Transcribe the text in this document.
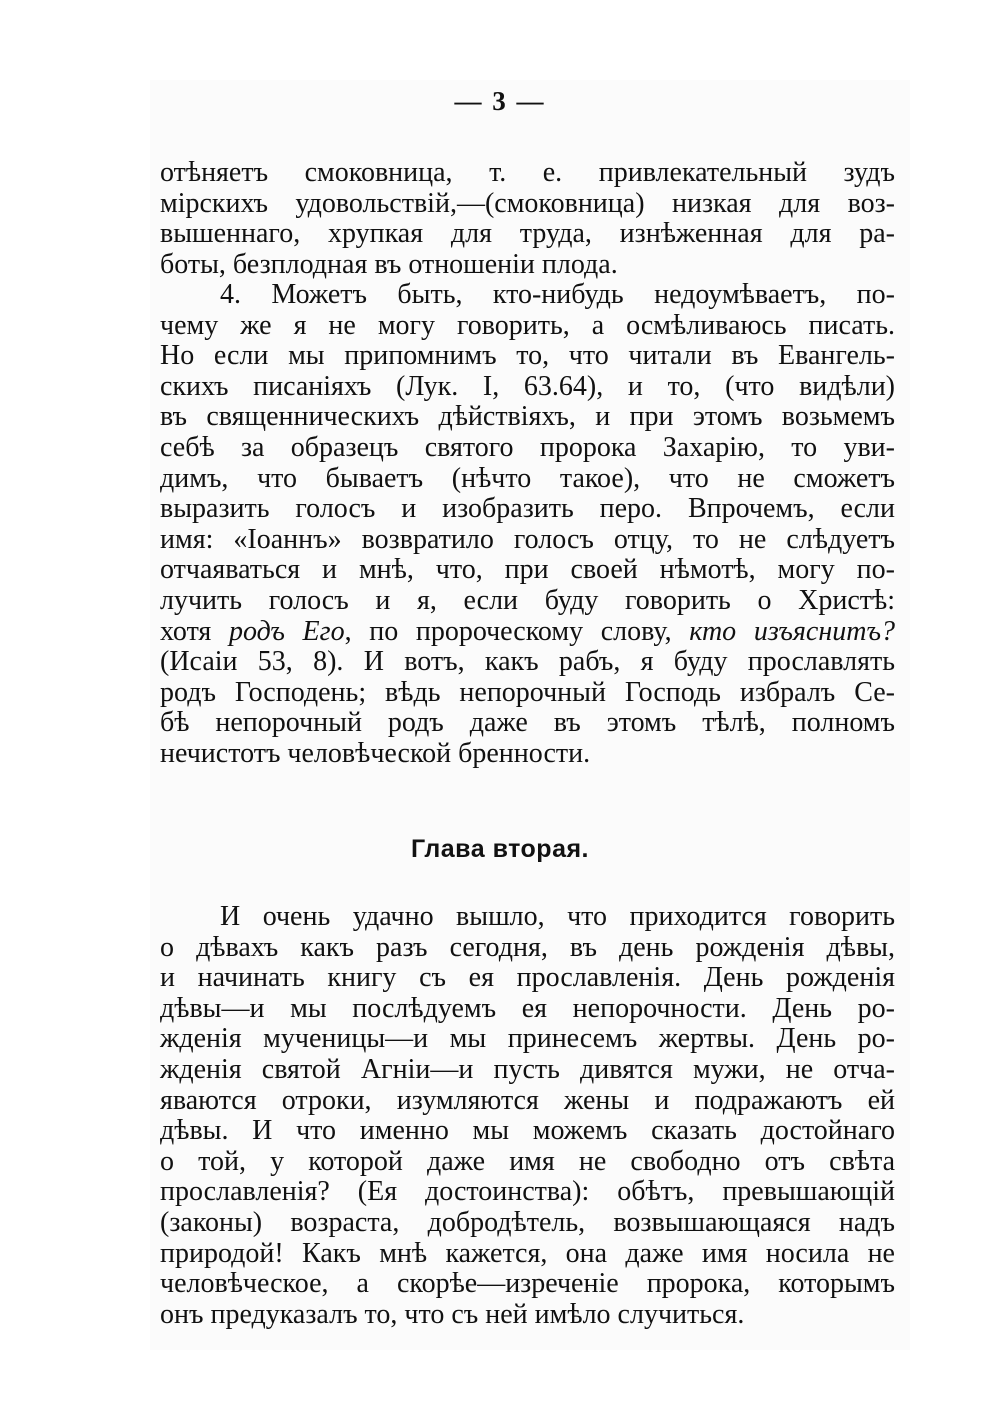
— 3 —
отѣняетъ смоковница, т. е. привлекательный зудъ
мірскихъ удовольствій,—(смоковница) низкая для воз-
вышеннаго, хрупкая для труда, изнѣженная для ра-
боты, безплодная въ отношеніи плода.
4. Можетъ быть, кто-нибудь недоумѣваетъ, по-
чему же я не могу говорить, а осмѣливаюсь писать.
Но если мы припомнимъ то, что читали въ Евангель-
скихъ писаніяхъ (Лук. I, 63.64), и то, (что видѣли)
въ священническихъ дѣйствіяхъ, и при этомъ возьмемъ
себѣ за образецъ святого пророка Захарію, то уви-
димъ, что бываетъ (нѣчто такое), что не сможетъ
выразить голосъ и изобразить перо. Впрочемъ, если
имя: «Іоаннъ» возвратило голосъ отцу, то не слѣдуетъ
отчаяваться и мнѣ, что, при своей нѣмотѣ, могу по-
лучить голосъ и я, если буду говорить о Христѣ:
хотя родъ Его, по пророческому слову, кто изъяснитъ?
(Исаіи 53, 8). И вотъ, какъ рабъ, я буду прославлять
родъ Господень; вѣдь непорочный Господь избралъ Се-
бѣ непорочный родъ даже въ этомъ тѣлѣ, полномъ
нечистотъ человѣческой бренности.
Глава вторая.
И очень удачно вышло, что приходится говорить
о дѣвахъ какъ разъ сегодня, въ день рожденія дѣвы,
и начинать книгу съ ея прославленія. День рожденія
дѣвы—и мы послѣдуемъ ея непорочности. День ро-
жденія мученицы—и мы принесемъ жертвы. День ро-
жденія святой Агніи—и пусть дивятся мужи, не отча-
яваются отроки, изумляются жены и подражаютъ ей
дѣвы. И что именно мы можемъ сказать достойнаго
о той, у которой даже имя не свободно отъ свѣта
прославленія? (Ея достоинства): обѣтъ, превышающій
(законы) возраста, добродѣтель, возвышающаяся надъ
природой! Какъ мнѣ кажется, она даже имя носила не
человѣческое, а скорѣе—изреченіе пророка, которымъ
онъ предуказалъ то, что съ ней имѣло случиться.
